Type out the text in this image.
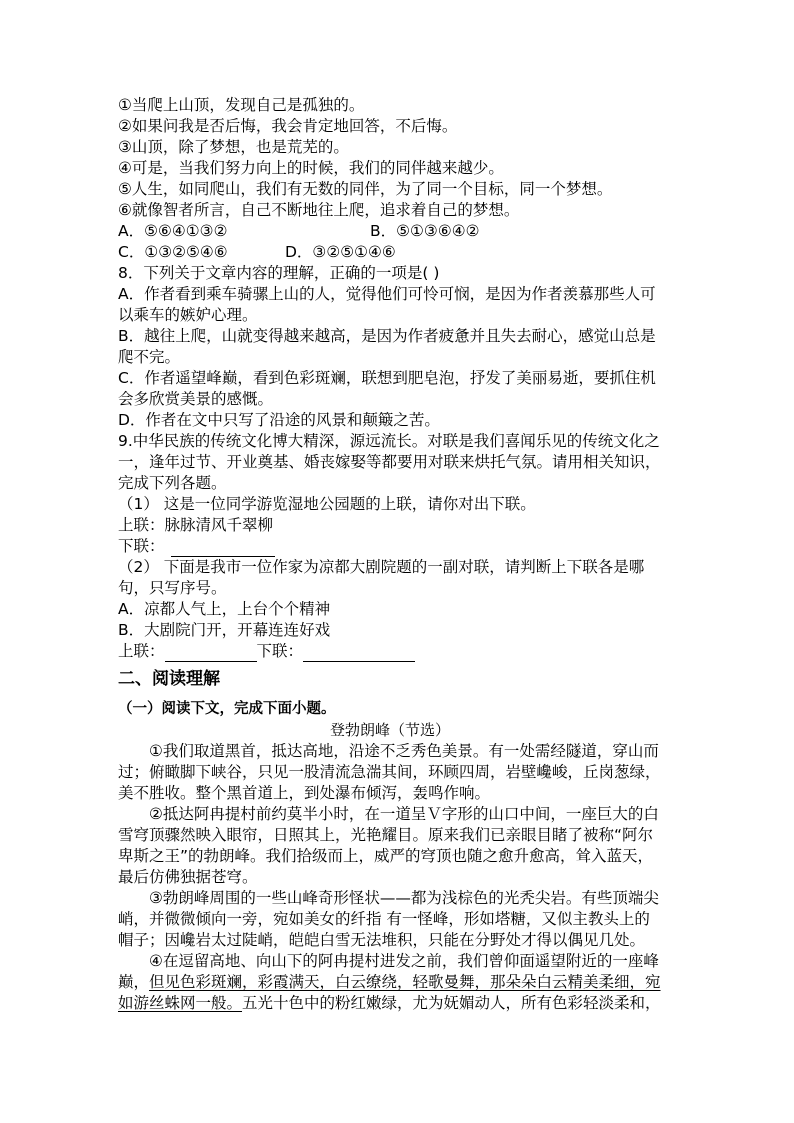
①当爬上山顶，发现自己是孤独的。
②如果问我是否后悔，我会肯定地回答，不后悔。
③山顶，除了梦想，也是荒芜的。
④可是，当我们努力向上的时候，我们的同伴越来越少。
⑤人生，如同爬山，我们有无数的同伴，为了同一个目标，同一个梦想。
⑥就像智者所言，自己不断地往上爬，追求着自己的梦想。
A．⑤⑥④①③②	B．⑤①③⑥④②
C．①③②⑤④⑥	D．③②⑤①④⑥
8．下列关于文章内容的理解，正确的一项是( )
A．作者看到乘车骑骡上山的人，觉得他们可怜可悯，是因为作者羡慕那些人可
以乘车的嫉妒心理。
B．越往上爬，山就变得越来越高，是因为作者疲惫并且失去耐心，感觉山总是
爬不完。
C．作者遥望峰巅，看到色彩斑斓，联想到肥皂泡，抒发了美丽易逝，要抓住机
会多欣赏美景的感慨。
D．作者在文中只写了沿途的风景和颠簸之苦。
9.中华民族的传统文化博大精深，源远流长。对联是我们喜闻乐见的传统文化之
一，逢年过节、开业奠基、婚丧嫁娶等都要用对联来烘托气氛。请用相关知识，
完成下列各题。
（1） 这是一位同学游览湿地公园题的上联，请你对出下联。
上联：脉脉清风千翠柳
下联：
（2） 下面是我市一位作家为凉都大剧院题的一副对联，请判断上下联各是哪
句，只写序号。
A．凉都人气上，上台个个精神
B．大剧院门开，开幕连连好戏
上联：	下联：
二、阅读理解
（一）阅读下文，完成下面小题。
登勃朗峰（节选）
①我们取道黑首，抵达高地，沿途不乏秀色美景。有一处需经隧道，穿山而
过；俯瞰脚下峡谷，只见一股清流急湍其间，环顾四周，岩壁巉峻，丘岗葱绿，
美不胜收。整个黑首道上，到处瀑布倾泻，轰鸣作响。
②抵达阿冉提村前约莫半小时，在一道呈Ｖ字形的山口中间，一座巨大的白
雪穹顶骤然映入眼帘，日照其上，光艳耀目。原来我们已亲眼目睹了被称“阿尔
卑斯之王”的勃朗峰。我们拾级而上，威严的穹顶也随之愈升愈高，耸入蓝天，
最后仿佛独据苍穹。
③勃朗峰周围的一些山峰奇形怪状——都为浅棕色的光秃尖岩。有些顶端尖
峭，并微微倾向一旁，宛如美女的纤指 有一怪峰，形如塔糖，又似主教头上的
帽子；因巉岩太过陡峭，皑皑白雪无法堆积，只能在分野处才得以偶见几处。
④在逗留高地、向山下的阿冉提村进发之前，我们曾仰面遥望附近的一座峰
巅，但见色彩斑斓，彩霞满天，白云缭绕，轻歌曼舞，那朵朵白云精美柔细，宛
如游丝蛛网一般。五光十色中的粉红嫩绿，尤为妩媚动人，所有色彩轻淡柔和，
